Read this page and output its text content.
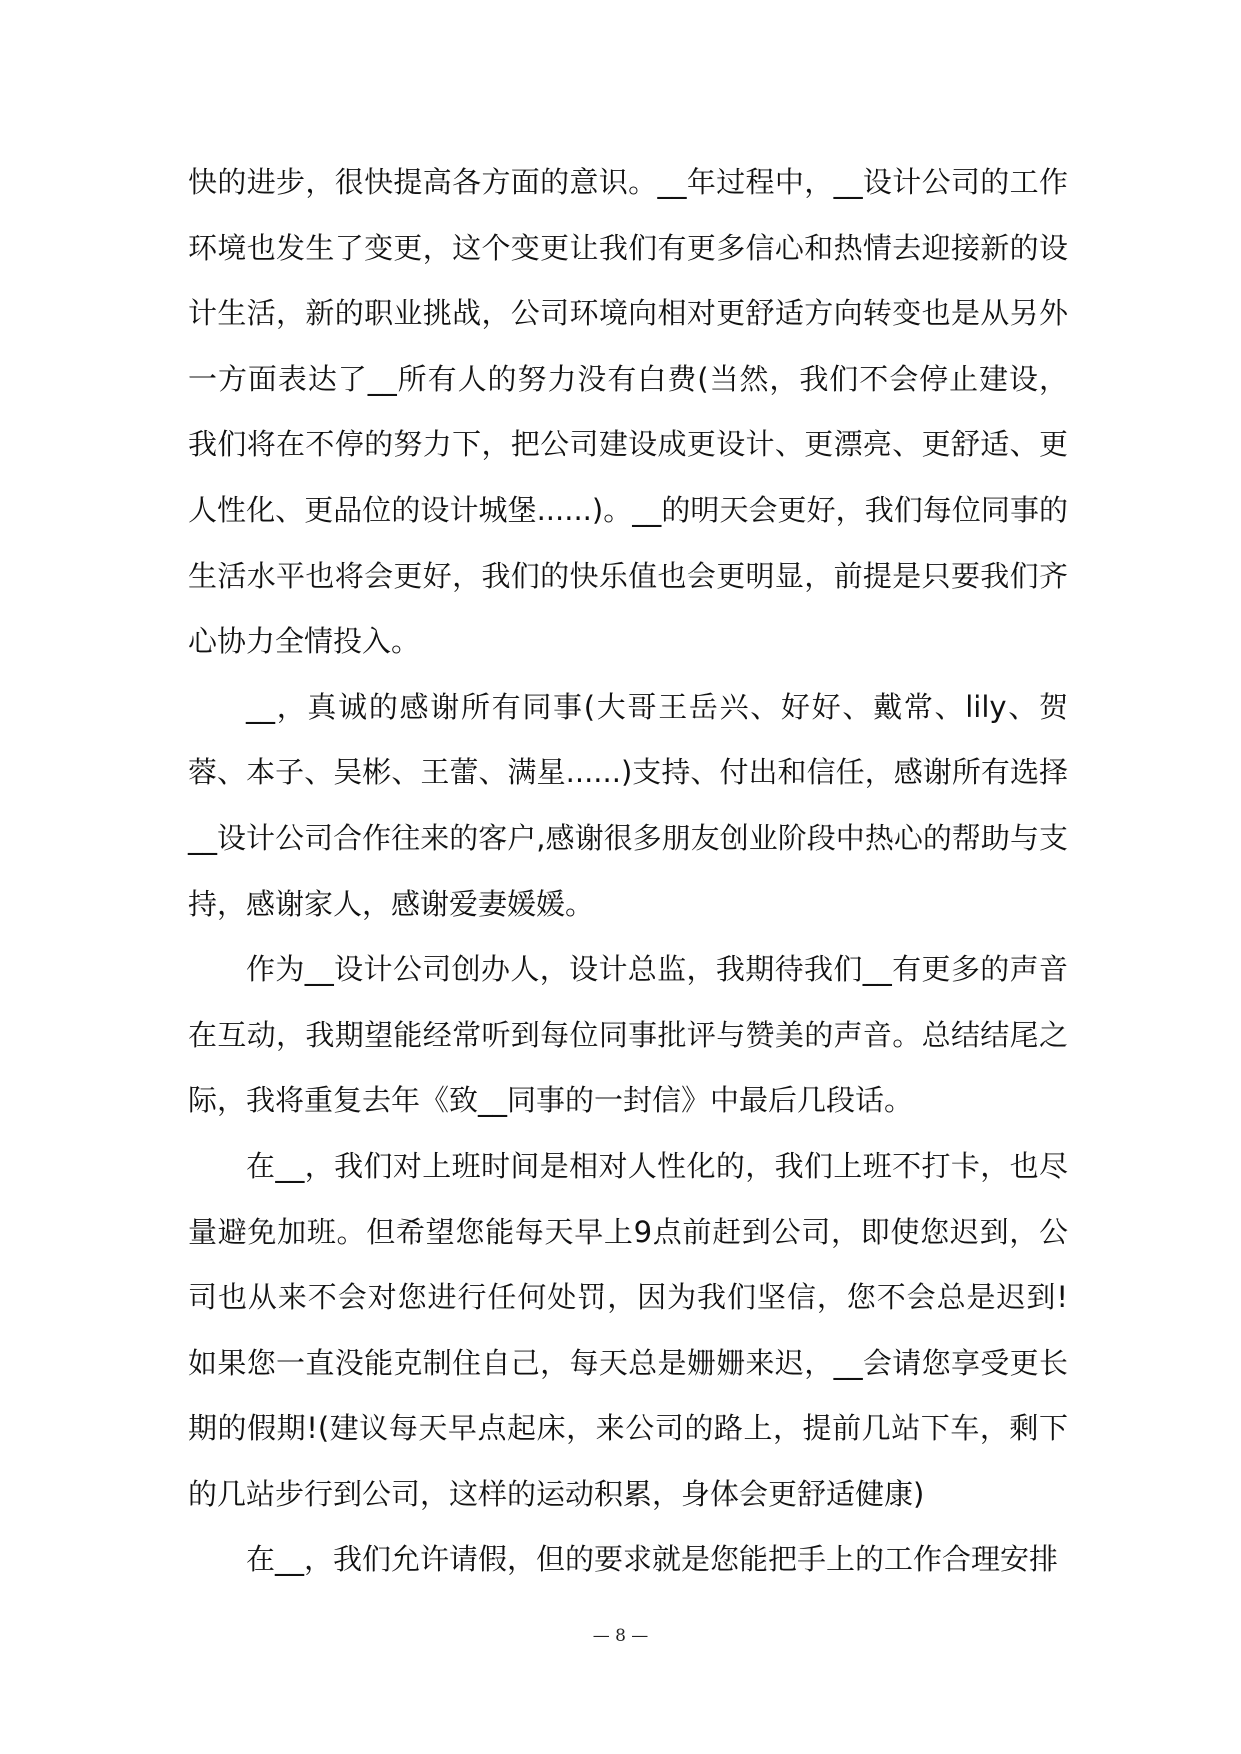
快的进步，很快提高各方面的意识。__年过程中，__设计公司的工作环境也发生了变更，这个变更让我们有更多信心和热情去迎接新的设计生活，新的职业挑战，公司环境向相对更舒适方向转变也是从另外一方面表达了__所有人的努力没有白费(当然，我们不会停止建设，我们将在不停的努力下，把公司建设成更设计、更漂亮、更舒适、更人性化、更品位的设计城堡......)。__的明天会更好，我们每位同事的生活水平也将会更好，我们的快乐值也会更明显，前提是只要我们齐心协力全情投入。

__，真诚的感谢所有同事(大哥王岳兴、好好、戴常、lily、贺蓉、本子、吴彬、王蕾、满星......)支持、付出和信任，感谢所有选择__设计公司合作往来的客户,感谢很多朋友创业阶段中热心的帮助与支持，感谢家人，感谢爱妻媛媛。

作为__设计公司创办人，设计总监，我期待我们__有更多的声音在互动，我期望能经常听到每位同事批评与赞美的声音。总结结尾之际，我将重复去年《致__同事的一封信》中最后几段话。

在__，我们对上班时间是相对人性化的，我们上班不打卡，也尽量避免加班。但希望您能每天早上9点前赶到公司，即使您迟到，公司也从来不会对您进行任何处罚，因为我们坚信，您不会总是迟到!如果您一直没能克制住自己，每天总是姗姗来迟，__会请您享受更长期的假期!(建议每天早点起床，来公司的路上，提前几站下车，剩下的几站步行到公司，这样的运动积累，身体会更舒适健康)

在__，我们允许请假，但的要求就是您能把手上的工作合理安排

— 8 —
